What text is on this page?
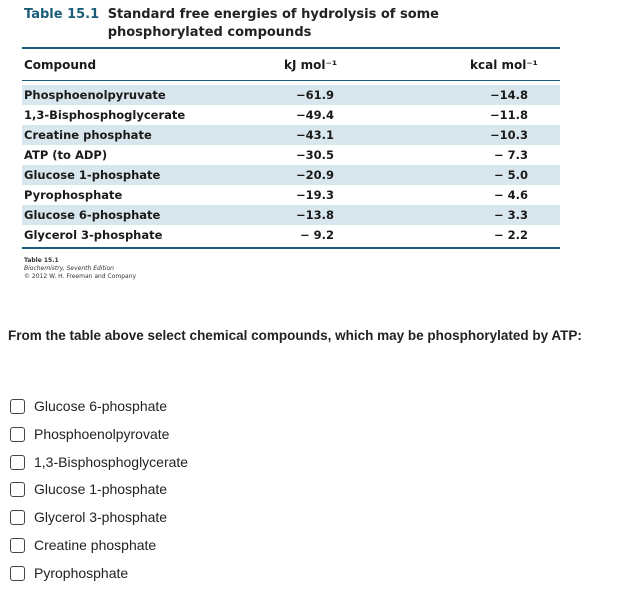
Table 15.1 Standard free energies of hydrolysis of some phosphorylated compounds
Compound	kJ mol⁻¹	kcal mol⁻¹
Phosphoenolpyruvate	−61.9	−14.8
1,3-Bisphosphoglycerate	−49.4	−11.8
Creatine phosphate	−43.1	−10.3
ATP (to ADP)	−30.5	− 7.3
Glucose 1-phosphate	−20.9	− 5.0
Pyrophosphate	−19.3	− 4.6
Glucose 6-phosphate	−13.8	− 3.3
Glycerol 3-phosphate	− 9.2	− 2.2
Table 15.1
Biochemistry, Seventh Edition
© 2012 W. H. Freeman and Company
From the table above select chemical compounds, which may be phosphorylated by ATP:
Glucose 6-phosphate
Phosphoenolpyrovate
1,3-Bisphosphoglycerate
Glucose 1-phosphate
Glycerol 3-phosphate
Creatine phosphate
Pyrophosphate
